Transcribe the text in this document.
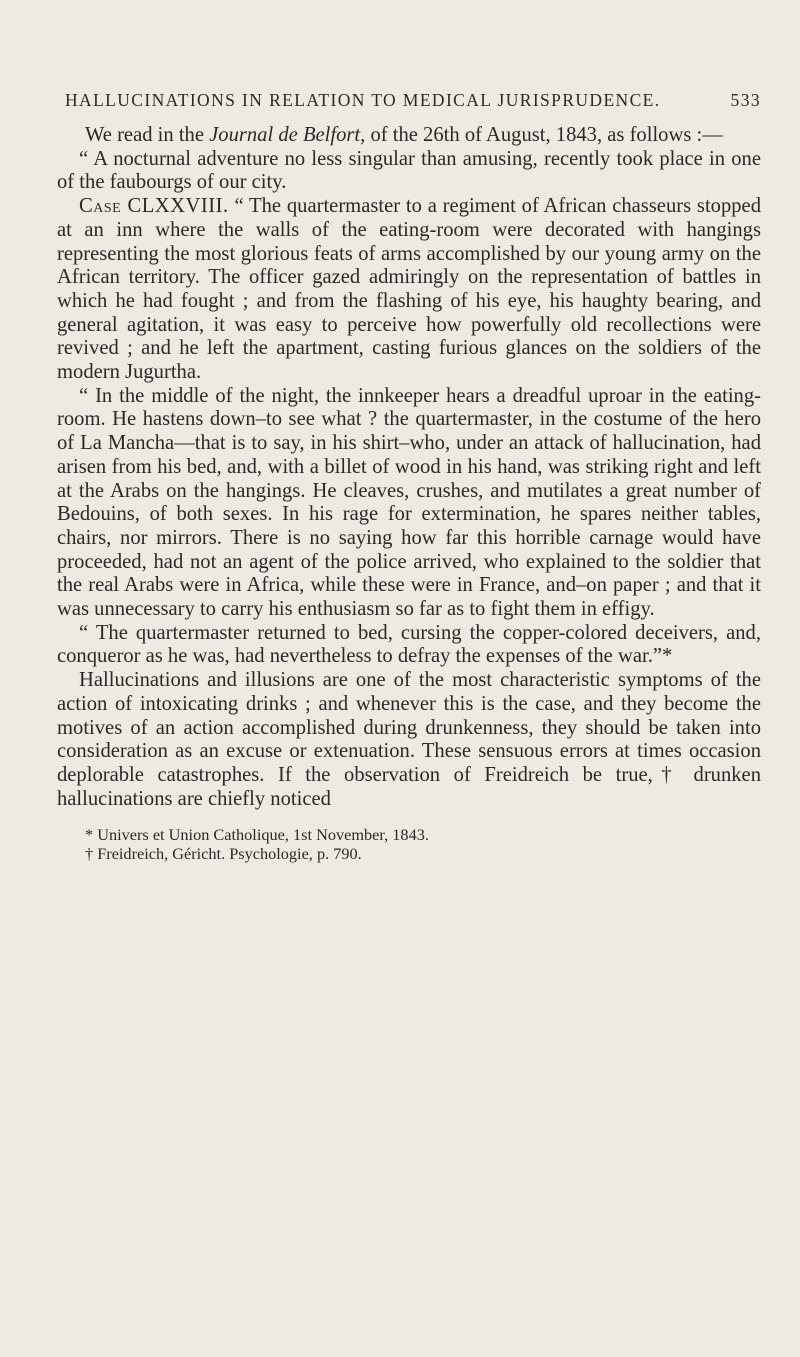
HALLUCINATIONS IN RELATION TO MEDICAL JURISPRUDENCE.	533

We read in the Journal de Belfort, of the 26th of August, 1843, as follows :—

“ A nocturnal adventure no less singular than amusing, recently took place in one of the faubourgs of our city.

Case CLXXVIII. “ The quartermaster to a regiment of African chasseurs stopped at an inn where the walls of the eating-room were decorated with hangings representing the most glorious feats of arms accomplished by our young army on the African territory. The officer gazed admiringly on the representation of battles in which he had fought ; and from the flashing of his eye, his haughty bearing, and general agitation, it was easy to perceive how powerfully old recollections were revived ; and he left the apartment, casting furious glances on the soldiers of the modern Jugurtha.

“ In the middle of the night, the innkeeper hears a dreadful uproar in the eating-room. He hastens down–to see what ? the quartermaster, in the costume of the hero of La Mancha—that is to say, in his shirt–who, under an attack of hallucination, had arisen from his bed, and, with a billet of wood in his hand, was striking right and left at the Arabs on the hangings. He cleaves, crushes, and mutilates a great number of Bedouins, of both sexes. In his rage for extermination, he spares neither tables, chairs, nor mirrors. There is no saying how far this horrible carnage would have proceeded, had not an agent of the police arrived, who explained to the soldier that the real Arabs were in Africa, while these were in France, and–on paper ; and that it was unnecessary to carry his enthusiasm so far as to fight them in effigy.

“ The quartermaster returned to bed, cursing the copper-colored deceivers, and, conqueror as he was, had nevertheless to defray the expenses of the war.”*

Hallucinations and illusions are one of the most characteristic symptoms of the action of intoxicating drinks ; and whenever this is the case, and they become the motives of an action accomplished during drunkenness, they should be taken into consideration as an excuse or extenuation. These sensuous errors at times occasion deplorable catastrophes. If the observation of Freidreich be true,† drunken hallucinations are chiefly noticed

* Univers et Union Catholique, 1st November, 1843.
† Freidreich, Géricht. Psychologie, p. 790.
